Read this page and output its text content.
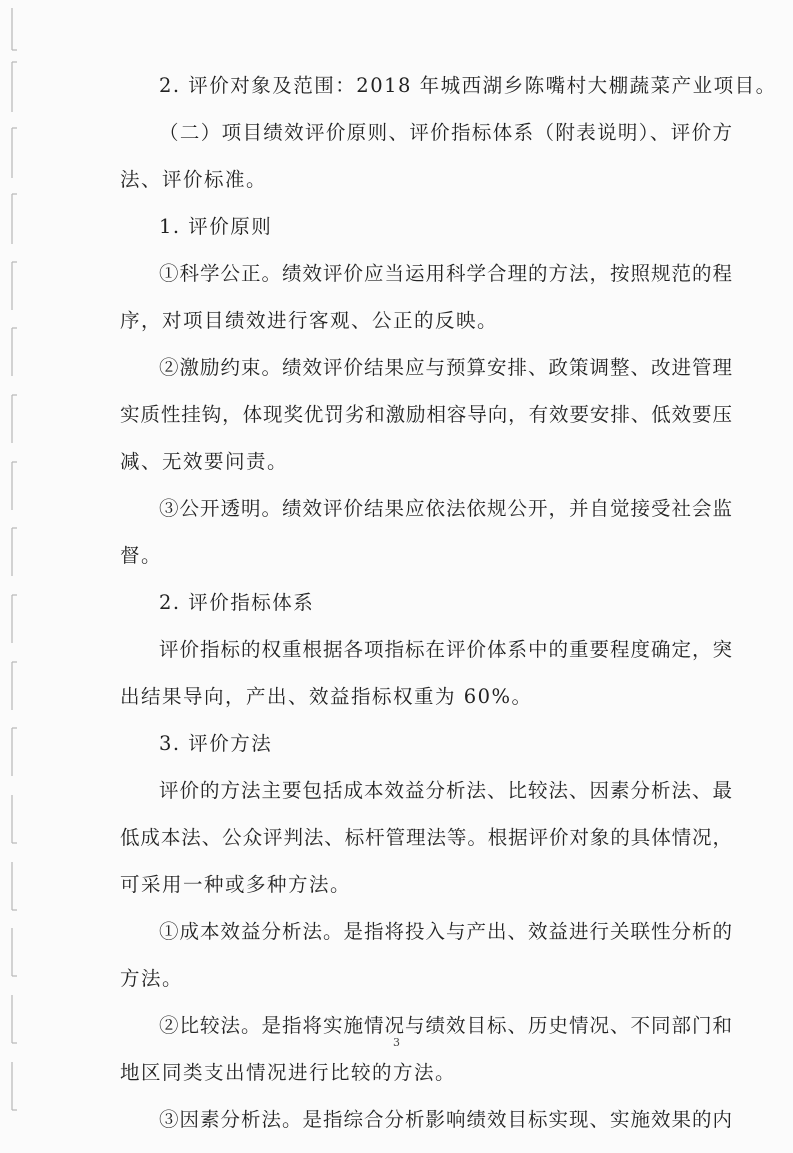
2. 评价对象及范围：2018 年城西湖乡陈嘴村大棚蔬菜产业项目。
（二）项目绩效评价原则、评价指标体系（附表说明）、评价方
法、评价标准。
1. 评价原则
①科学公正。绩效评价应当运用科学合理的方法，按照规范的程
序，对项目绩效进行客观、公正的反映。
②激励约束。绩效评价结果应与预算安排、政策调整、改进管理
实质性挂钩，体现奖优罚劣和激励相容导向，有效要安排、低效要压
减、无效要问责。
③公开透明。绩效评价结果应依法依规公开，并自觉接受社会监
督。
2. 评价指标体系
评价指标的权重根据各项指标在评价体系中的重要程度确定，突
出结果导向，产出、效益指标权重为 60%。
3. 评价方法
评价的方法主要包括成本效益分析法、比较法、因素分析法、最
低成本法、公众评判法、标杆管理法等。根据评价对象的具体情况，
可采用一种或多种方法。
①成本效益分析法。是指将投入与产出、效益进行关联性分析的
方法。
②比较法。是指将实施情况与绩效目标、历史情况、不同部门和
地区同类支出情况进行比较的方法。
③因素分析法。是指综合分析影响绩效目标实现、实施效果的内
3
